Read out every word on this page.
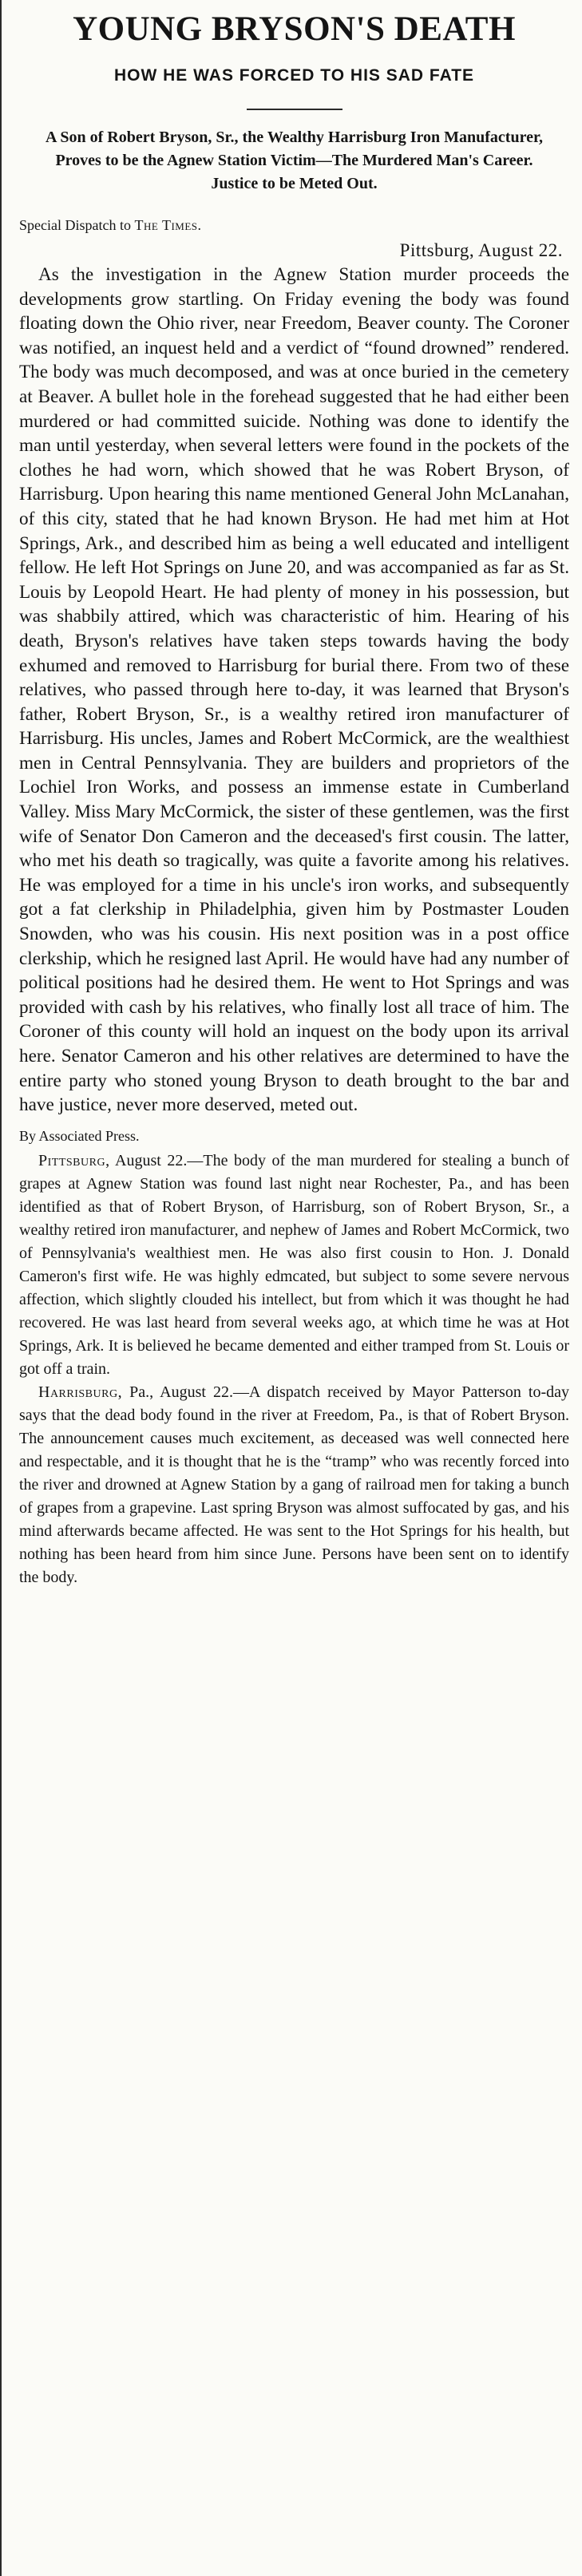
YOUNG BRYSON'S DEATH
HOW HE WAS FORCED TO HIS SAD FATE
A Son of Robert Bryson, Sr., the Wealthy Harrisburg Iron Manufacturer, Proves to be the Agnew Station Victim—The Murdered Man's Career. Justice to be Meted Out.
Special Dispatch to The Times.
Pittsburg, August 22.

As the investigation in the Agnew Station murder proceeds the developments grow startling. On Friday evening the body was found floating down the Ohio river, near Freedom, Beaver county. The Coroner was notified, an inquest held and a verdict of “found drowned” rendered. The body was much decomposed, and was at once buried in the cemetery at Beaver. A bullet hole in the forehead suggested that he had either been murdered or had committed suicide. Nothing was done to identify the man until yesterday, when several letters were found in the pockets of the clothes he had worn, which showed that he was Robert Bryson, of Harrisburg. Upon hearing this name mentioned General John McLanahan, of this city, stated that he had known Bryson. He had met him at Hot Springs, Ark., and described him as being a well educated and intelligent fellow. He left Hot Springs on June 20, and was accompanied as far as St. Louis by Leopold Heart. He had plenty of money in his possession, but was shabbily attired, which was characteristic of him. Hearing of his death, Bryson's relatives have taken steps towards having the body exhumed and removed to Harrisburg for burial there. From two of these relatives, who passed through here to-day, it was learned that Bryson's father, Robert Bryson, Sr., is a wealthy retired iron manufacturer of Harrisburg. His uncles, James and Robert McCormick, are the wealthiest men in Central Pennsylvania. They are builders and proprietors of the Lochiel Iron Works, and possess an immense estate in Cumberland Valley. Miss Mary McCormick, the sister of these gentlemen, was the first wife of Senator Don Cameron and the deceased's first cousin. The latter, who met his death so tragically, was quite a favorite among his relatives. He was employed for a time in his uncle's iron works, and subsequently got a fat clerkship in Philadelphia, given him by Postmaster Louden Snowden, who was his cousin. His next position was in a post office clerkship, which he resigned last April. He would have had any number of political positions had he desired them. He went to Hot Springs and was provided with cash by his relatives, who finally lost all trace of him. The Coroner of this county will hold an inquest on the body upon its arrival here. Senator Cameron and his other relatives are determined to have the entire party who stoned young Bryson to death brought to the bar and have justice, never more deserved, meted out.

By Associated Press.

Pittsburg, August 22.—The body of the man murdered for stealing a bunch of grapes at Agnew Station was found last night near Rochester, Pa., and has been identified as that of Robert Bryson, of Harrisburg, son of Robert Bryson, Sr., a wealthy retired iron manufacturer, and nephew of James and Robert McCormick, two of Pennsylvania's wealthiest men. He was also first cousin to Hon. J. Donald Cameron's first wife. He was highly edmcated, but subject to some severe nervous affection, which slightly clouded his intellect, but from which it was thought he had recovered. He was last heard from several weeks ago, at which time he was at Hot Springs, Ark. It is believed he became demented and either tramped from St. Louis or got off a train.

Harrisburg, Pa., August 22.—A dispatch received by Mayor Patterson to-day says that the dead body found in the river at Freedom, Pa., is that of Robert Bryson. The announcement causes much excitement, as deceased was well connected here and respectable, and it is thought that he is the “tramp” who was recently forced into the river and drowned at Agnew Station by a gang of railroad men for taking a bunch of grapes from a grapevine. Last spring Bryson was almost suffocated by gas, and his mind afterwards became affected. He was sent to the Hot Springs for his health, but nothing has been heard from him since June. Persons have been sent on to identify the body.
